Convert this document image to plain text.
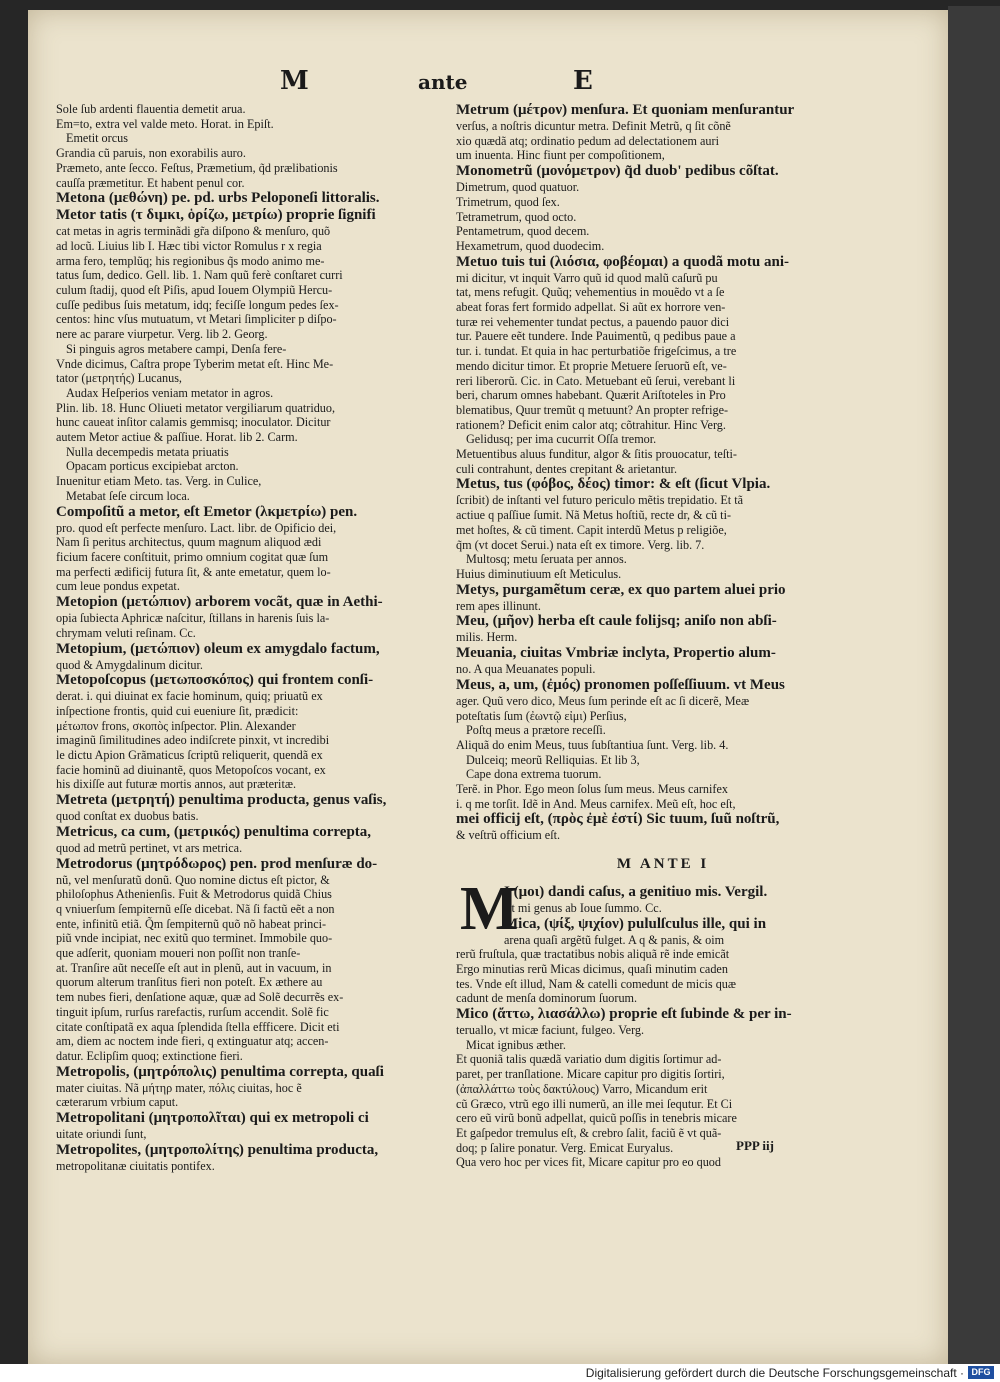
M	ante	E
Sole ſub ardenti flauentia demetit arua.
Em=to, extra vel valde meto. Horat. in Epiſt.
Emetit orcus
Grandia cũ paruis, non exorabilis auro.
Præmeto, ante ſecco. Feſtus, Præmetium, q̃d prælibationis
cauſſa præmetitur. Et habent penul cor.
Metona (μεθώνη) pe. pd. urbs Peloponeſi littoralis.
Metor tatis (τ διμκι, ὁρίζω, μετρίω) proprie ſignifi
cat metas in agris terminãdi gr̃a diſpono & menſuro, quõ
ad locũ. Liuius lib I. Hæc tibi victor Romulus r x regia
arma fero, templũq; his regionibus q̃s modo animo me-
tatus ſum, dedico. Gell. lib. 1. Nam quũ ferè conſtaret curri
culum ſtadij, quod eſt Piſis, apud Iouem Olympiũ Hercu-
cuſſe pedibus ſuis metatum, idq; feciſſe longum pedes ſex-
centos: hinc vſus mutuatum, vt Metari ſimpliciter p diſpo-
nere ac parare viurpetur. Verg. lib 2. Georg.
Si pinguis agros metabere campi, Denſa fere-
Vnde dicimus, Caſtra prope Tyberim metat eſt. Hinc Me-
tator (μετρητής) Lucanus,
Audax Heſperios veniam metator in agros.
Plin. lib. 18. Hunc Oliueti metator vergiliarum quatriduo,
hunc caueat inſitor calamis gemmisq; inoculator. Dicitur
autem Metor actiue & paſſiue. Horat. lib 2. Carm.
Nulla decempedis metata priuatis
Opacam porticus excipiebat arcton.
Inuenitur etiam Meto. tas. Verg. in Culice,
Metabat ſeſe circum loca.
Compoſitũ a metor, eſt Emetor (λκμετρίω) pen.
pro. quod eſt perfecte menſuro. Lact. libr. de Opificio dei,
Nam ſi peritus architectus, quum magnum aliquod ædi
ficium facere conſtituit, primo omnium cogitat quæ ſum
ma perfecti ædificij futura ſit, & ante emetatur, quem lo-
cum leue pondus expetat.
Metopion (μετώπιον) arborem vocãt, quæ in Aethi-
opia ſubiecta Aphricæ naſcitur, ſtillans in harenis ſuis la-
chrymam veluti reſinam. Cc.
Metopium, (μετώπιον) oleum ex amygdalo factum,
quod & Amygdalinum dicitur.
Metopoſcopus (μετωποσκόπος) qui frontem conſi-
derat. i. qui diuinat ex facie hominum, quiq; priuatũ ex
inſpectione frontis, quid cui eueniure ſit, prædicit:
μέτωπον frons, σκοπὸς inſpector. Plin. Alexander
imaginũ ſimilitudines adeo indiſcrete pinxit, vt incredibi
le dictu Apion Grãmaticus ſcriptũ reliquerit, quendã ex
facie hominũ ad diuinantẽ, quos Metopoſcos vocant, ex
his dixiſſe aut futuræ mortis annos, aut præteritæ.
Metreta (μετρητή) penultima producta, genus vaſis,
quod conſtat ex duobus batis.
Metricus, ca cum, (μετρικός) penultima correpta,
quod ad metrũ pertinet, vt ars metrica.
Metrodorus (μητρόδωρος) pen. prod menſuræ do-
nũ, vel menſuratũ donũ. Quo nomine dictus eſt pictor, &
philoſophus Athenienſis. Fuit & Metrodorus quidã Chius
q vniuerſum ſempiternũ eſſe dicebat. Nã ſi factũ eẽt a non
ente, infinitũ etiã. Q̃m ſempiternũ quõ nõ habeat princi-
piũ vnde incipiat, nec exitũ quo terminet. Immobile quo-
que adſerit, quoniam moueri non poſſit non tranſe-
at. Tranſire aũt neceſſe eſt aut in plenũ, aut in vacuum, in
quorum alterum tranſitus fieri non poteſt. Ex æthere au
tem nubes fieri, denſatione aquæ, quæ ad Solẽ decurrẽs ex-
tinguit ipſum, rurſus rarefactis, rurſum accendit. Solẽ fic
citate conſtipatã ex aqua ſplendida ſtella effficere. Dicit eti
am, diem ac noctem inde fieri, q extinguatur atq; accen-
datur. Eclipſim quoq; extinctione fieri.
Metropolis, (μητρόπολις) penultima correpta, quaſi
mater ciuitas. Nã μήτηρ mater, πόλις ciuitas, hoc ẽ
cæterarum vrbium caput.
Metropolitani (μητροπολῖται) qui ex metropoli ci
uitate oriundi ſunt,
Metropolites, (μητροπολίτης) penultima producta,
metropolitanæ ciuitatis pontifex.
Metrum (μέτρον) menſura. Et quoniam menſurantur
verſus, a noſtris dicuntur metra. Definit Metrũ, q ſit cõnẽ
xio quædã atq; ordinatio pedum ad delectationem auri
um inuenta. Hinc fiunt per compoſitionem,
Monometrũ (μονόμετρον) q̃d duob' pedibus cõſtat.
Dimetrum, quod quatuor.
Trimetrum, quod ſex.
Tetrametrum, quod octo.
Pentametrum, quod decem.
Hexametrum, quod duodecim.
Metuo tuis tui (λιόσια, φοβέομαι) a quodã motu ani-
mi dicitur, vt inquit Varro quũ id quod malũ caſurũ pu
tat, mens refugit. Quũq; vehementius in mouẽdo vt a ſe
abeat foras fert formido adpellat. Si aũt ex horrore ven-
turæ rei vehementer tundat pectus, a pauendo pauor dici
tur. Pauere eẽt tundere. Inde Pauimentũ, q pedibus paue a
tur. i. tundat. Et quia in hac perturbatiõe frigeſcimus, a tre
mendo dicitur timor. Et proprie Metuere ſeruorũ eſt, ve-
reri liberorũ. Cic. in Cato. Metuebant eũ ſerui, verebant li
beri, charum omnes habebant. Quærit Ariſtoteles in Pro
blematibus, Quur tremũt q metuunt? An propter refrige-
rationem? Deficit enim calor atq; cõtrahitur. Hinc Verg.
Gelidusq; per ima cucurrit Oſſa tremor.
Metuentibus aluus funditur, algor & ſitis prouocatur, teſti-
culi contrahunt, dentes crepitant & arietantur.
Metus, tus (φόβος, δέος) timor: & eſt (ſicut Vlpia.
ſcribit) de inſtanti vel futuro periculo mẽtis trepidatio. Et tã
actiue q paſſiue ſumit. Nã Metus hoſtiũ, recte dr, & cũ ti-
met hoſtes, & cũ timent. Capit interdũ Metus p religiõe,
q̃m (vt docet Serui.) nata eſt ex timore. Verg. lib. 7.
Multosq; metu ſeruata per annos.
Huius diminutiuum eſt Meticulus.
Metys, purgamẽtum ceræ, ex quo partem aluei prio
rem apes illinunt.
Meu, (μῆον) herba eſt caule folijsq; aniſo non abſi-
milis. Herm.
Meuania, ciuitas Vmbriæ inclyta, Propertio alum-
no. A qua Meuanates populi.
Meus, a, um, (ἐμός) pronomen poſſeſſiuum. vt Meus
ager. Quũ vero dico, Meus ſum perinde eſt ac ſi dicerẽ, Meæ
poteſtatis ſum (ἐωντῷ εἰμι) Perſius,
Poſtq meus a prætore receſſi.
Aliquã do enim Meus, tuus ſubſtantiua ſunt. Verg. lib. 4.
Dulceiq; meorũ Relliquias. Et lib 3,
Cape dona extrema tuorum.
Terẽ. in Phor. Ego meon ſolus ſum meus. Meus carnifex
i. q me torſit. Idẽ in And. Meus carnifex. Meũ eſt, hoc eſt,
mei officij eſt, (πρὸς ἐμὲ ἐστί) Sic tuum, ſuũ noſtrũ,
& veſtrũ officium eſt.
M ANTE I
M
I (μοι) dandi caſus, a genitiuo mis. Vergil.
Et mi genus ab Ioue ſummo. Cc.
Mica, (ψίξ, ψιχίον) pululſculus ille, qui in
arena quaſi argẽtũ fulget. A q & panis, & oim
rerũ fruſtula, quæ tractatibus nobis aliquã rẽ inde emicãt
Ergo minutias rerũ Micas dicimus, quaſi minutim caden
tes. Vnde eſt illud, Nam & catelli comedunt de micis quæ
cadunt de menſa dominorum ſuorum.
Mico (ἄττω, λιασάλλω) proprie eſt ſubinde & per in-
teruallo, vt micæ faciunt, fulgeo. Verg.
Micat ignibus æther.
Et quoniã talis quædã variatio dum digitis ſortimur ad-
paret, per tranſlatione. Micare capitur pro digitis ſortiri,
(ἀπαλλάττω τοὺς δακτύλους) Varro, Micandum erit
cũ Græco, vtrũ ego illi numerũ, an ille mei ſequtur. Et Ci
cero eũ virũ bonũ adpellat, quicũ poſſis in tenebris micare
Et gaſpedor tremulus eſt, & crebro ſalit, faciũ ẽ vt quã-
doq; p ſalire ponatur. Verg. Emicat Euryalus.
Qua vero hoc per vices fit, Micare capitur pro eo quod
PPP iij
Digitalisierung gefördert durch die Deutsche Forschungsgemeinschaft · DFG
